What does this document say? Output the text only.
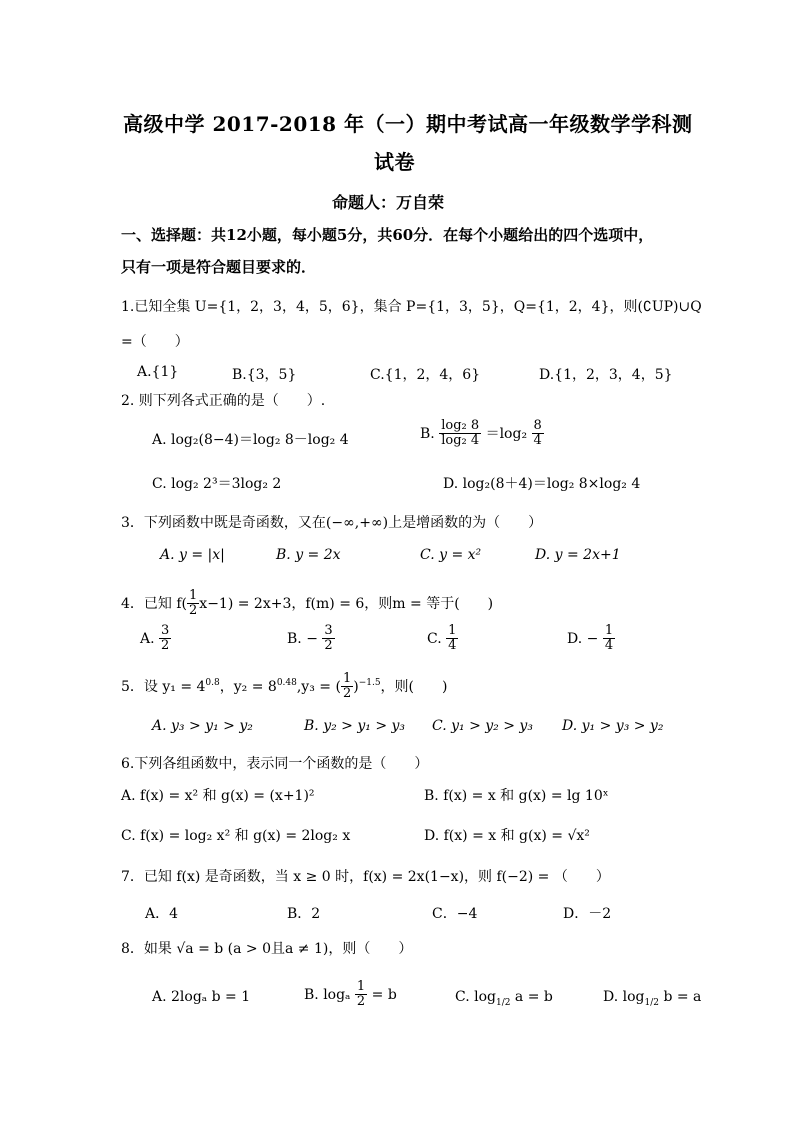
高级中学 2017-2018 年（一）期中考试高一年级数学学科测
试卷
命题人：万自荣
一、选择题：共12小题，每小题5分，共60分．在每个小题给出的四个选项中，
只有一项是符合题目要求的．
1.已知全集 U={1，2，3，4，5，6}，集合 P={1，3，5}，Q={1，2，4}，则(∁UP)∪Q
=（　　）
A.{1}	B.{3，5}	C.{1，2，4，6}	D.{1，2，3，4，5}
2. 则下列各式正确的是（　　）.
A. log₂(8−4)＝log₂ 8－log₂ 4	B. $\frac{\text{log₂ 8}}{\text{log₂ 4}} =\log_2 \frac{8}{4}$
C. log₂ 2³＝3log₂ 2	D. log₂(8＋4)＝log₂ 8×log₂ 4
3．下列函数中既是奇函数，又在(−∞,+∞)上是增函数的为（　　）
A. y = |x|	B. y = 2x	C. y = x²	D. y = 2x+1
4．已知 $f( \frac{1}{2} x-1) = 2x+3$，f(m) = 6，则m = 等于(　　)
A. $\frac{3}{2}$	B. − $\frac{3}{2}$	C. $\frac{1}{4}$	D. − $\frac{1}{4}$
5．设 $y_1 = 4^{0.8}$，$y_2 = 8^{0.48},y_3$ = ( $\frac{1}{2} )^{-1.5}$，则(　　)
A. y₃ > y₁ > y₂	B. y₂ > y₁ > y₃ C. y₁ > y₂ > y₃ D. y₁ > y₃ > y₂
6.下列各组函数中，表示同一个函数的是（　　）
A. f(x) = x² 和 g(x) = (x+1)²	B. f(x) = x 和 g(x) = lg 10ˣ
C. f(x) = log₂ x² 和 g(x) = 2log₂ x	D. f(x) = x 和 g(x) = √x²
7．已知 f(x) 是奇函数，当 x ≥ 0 时，f(x) = 2x(1−x)，则 f(−2) = （　　）
A．4	B．2	C．−4	D．－2
8．如果 √a = b (a > 0且a ≠ 1)，则（　　）
A. 2logₐ b = 1	B. logₐ $\frac{1}{2} = b$	C. $\log_{1/2} a = b$	D. $\log_{1/2} b = a$
